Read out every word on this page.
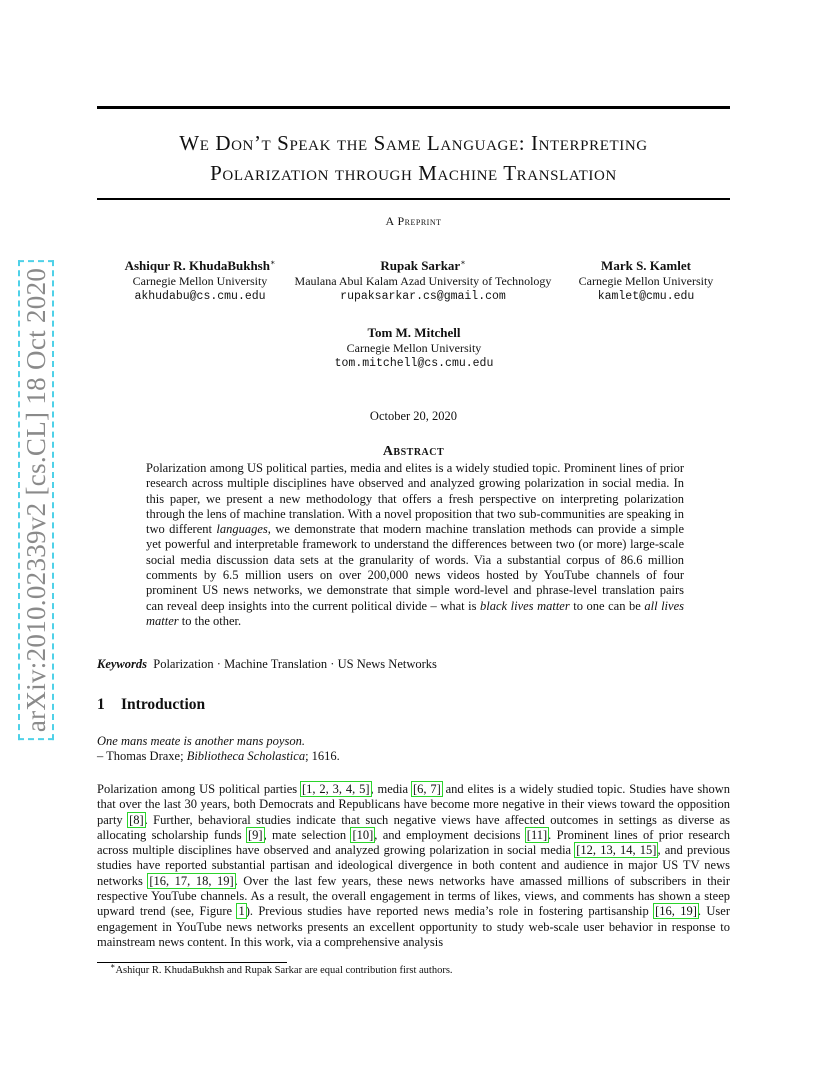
arXiv:2010.02339v2 [cs.CL] 18 Oct 2020
We Don’t Speak the Same Language: Interpreting
Polarization through Machine Translation
A Preprint
Ashiqur R. KhudaBukhsh∗
Carnegie Mellon University
akhudabu@cs.cmu.edu
Rupak Sarkar∗
Maulana Abul Kalam Azad University of Technology
rupaksarkar.cs@gmail.com
Mark S. Kamlet
Carnegie Mellon University
kamlet@cmu.edu
Tom M. Mitchell
Carnegie Mellon University
tom.mitchell@cs.cmu.edu
October 20, 2020
Abstract
Polarization among US political parties, media and elites is a widely studied topic. Prominent lines of prior research across multiple disciplines have observed and analyzed growing polarization in social media. In this paper, we present a new methodology that offers a fresh perspective on interpreting polarization through the lens of machine translation. With a novel proposition that two sub-communities are speaking in two different languages, we demonstrate that modern machine translation methods can provide a simple yet powerful and interpretable framework to understand the differences between two (or more) large-scale social media discussion data sets at the granularity of words. Via a substantial corpus of 86.6 million comments by 6.5 million users on over 200,000 news videos hosted by YouTube channels of four prominent US news networks, we demonstrate that simple word-level and phrase-level translation pairs can reveal deep insights into the current political divide – what is black lives matter to one can be all lives matter to the other.
Keywords Polarization · Machine Translation · US News Networks
1 Introduction
One mans meate is another mans poyson.
– Thomas Draxe; Bibliotheca Scholastica; 1616.
Polarization among US political parties [1, 2, 3, 4, 5], media [6, 7] and elites is a widely studied topic. Studies have shown that over the last 30 years, both Democrats and Republicans have become more negative in their views toward the opposition party [8]. Further, behavioral studies indicate that such negative views have affected outcomes in settings as diverse as allocating scholarship funds [9], mate selection [10], and employment decisions [11]. Prominent lines of prior research across multiple disciplines have observed and analyzed growing polarization in social media [12, 13, 14, 15], and previous studies have reported substantial partisan and ideological divergence in both content and audience in major US TV news networks [16, 17, 18, 19]. Over the last few years, these news networks have amassed millions of subscribers in their respective YouTube channels. As a result, the overall engagement in terms of likes, views, and comments has shown a steep upward trend (see, Figure 1). Previous studies have reported news media’s role in fostering partisanship [16, 19]. User engagement in YouTube news networks presents an excellent opportunity to study web-scale user behavior in response to mainstream news content. In this work, via a comprehensive analysis
∗Ashiqur R. KhudaBukhsh and Rupak Sarkar are equal contribution first authors.
